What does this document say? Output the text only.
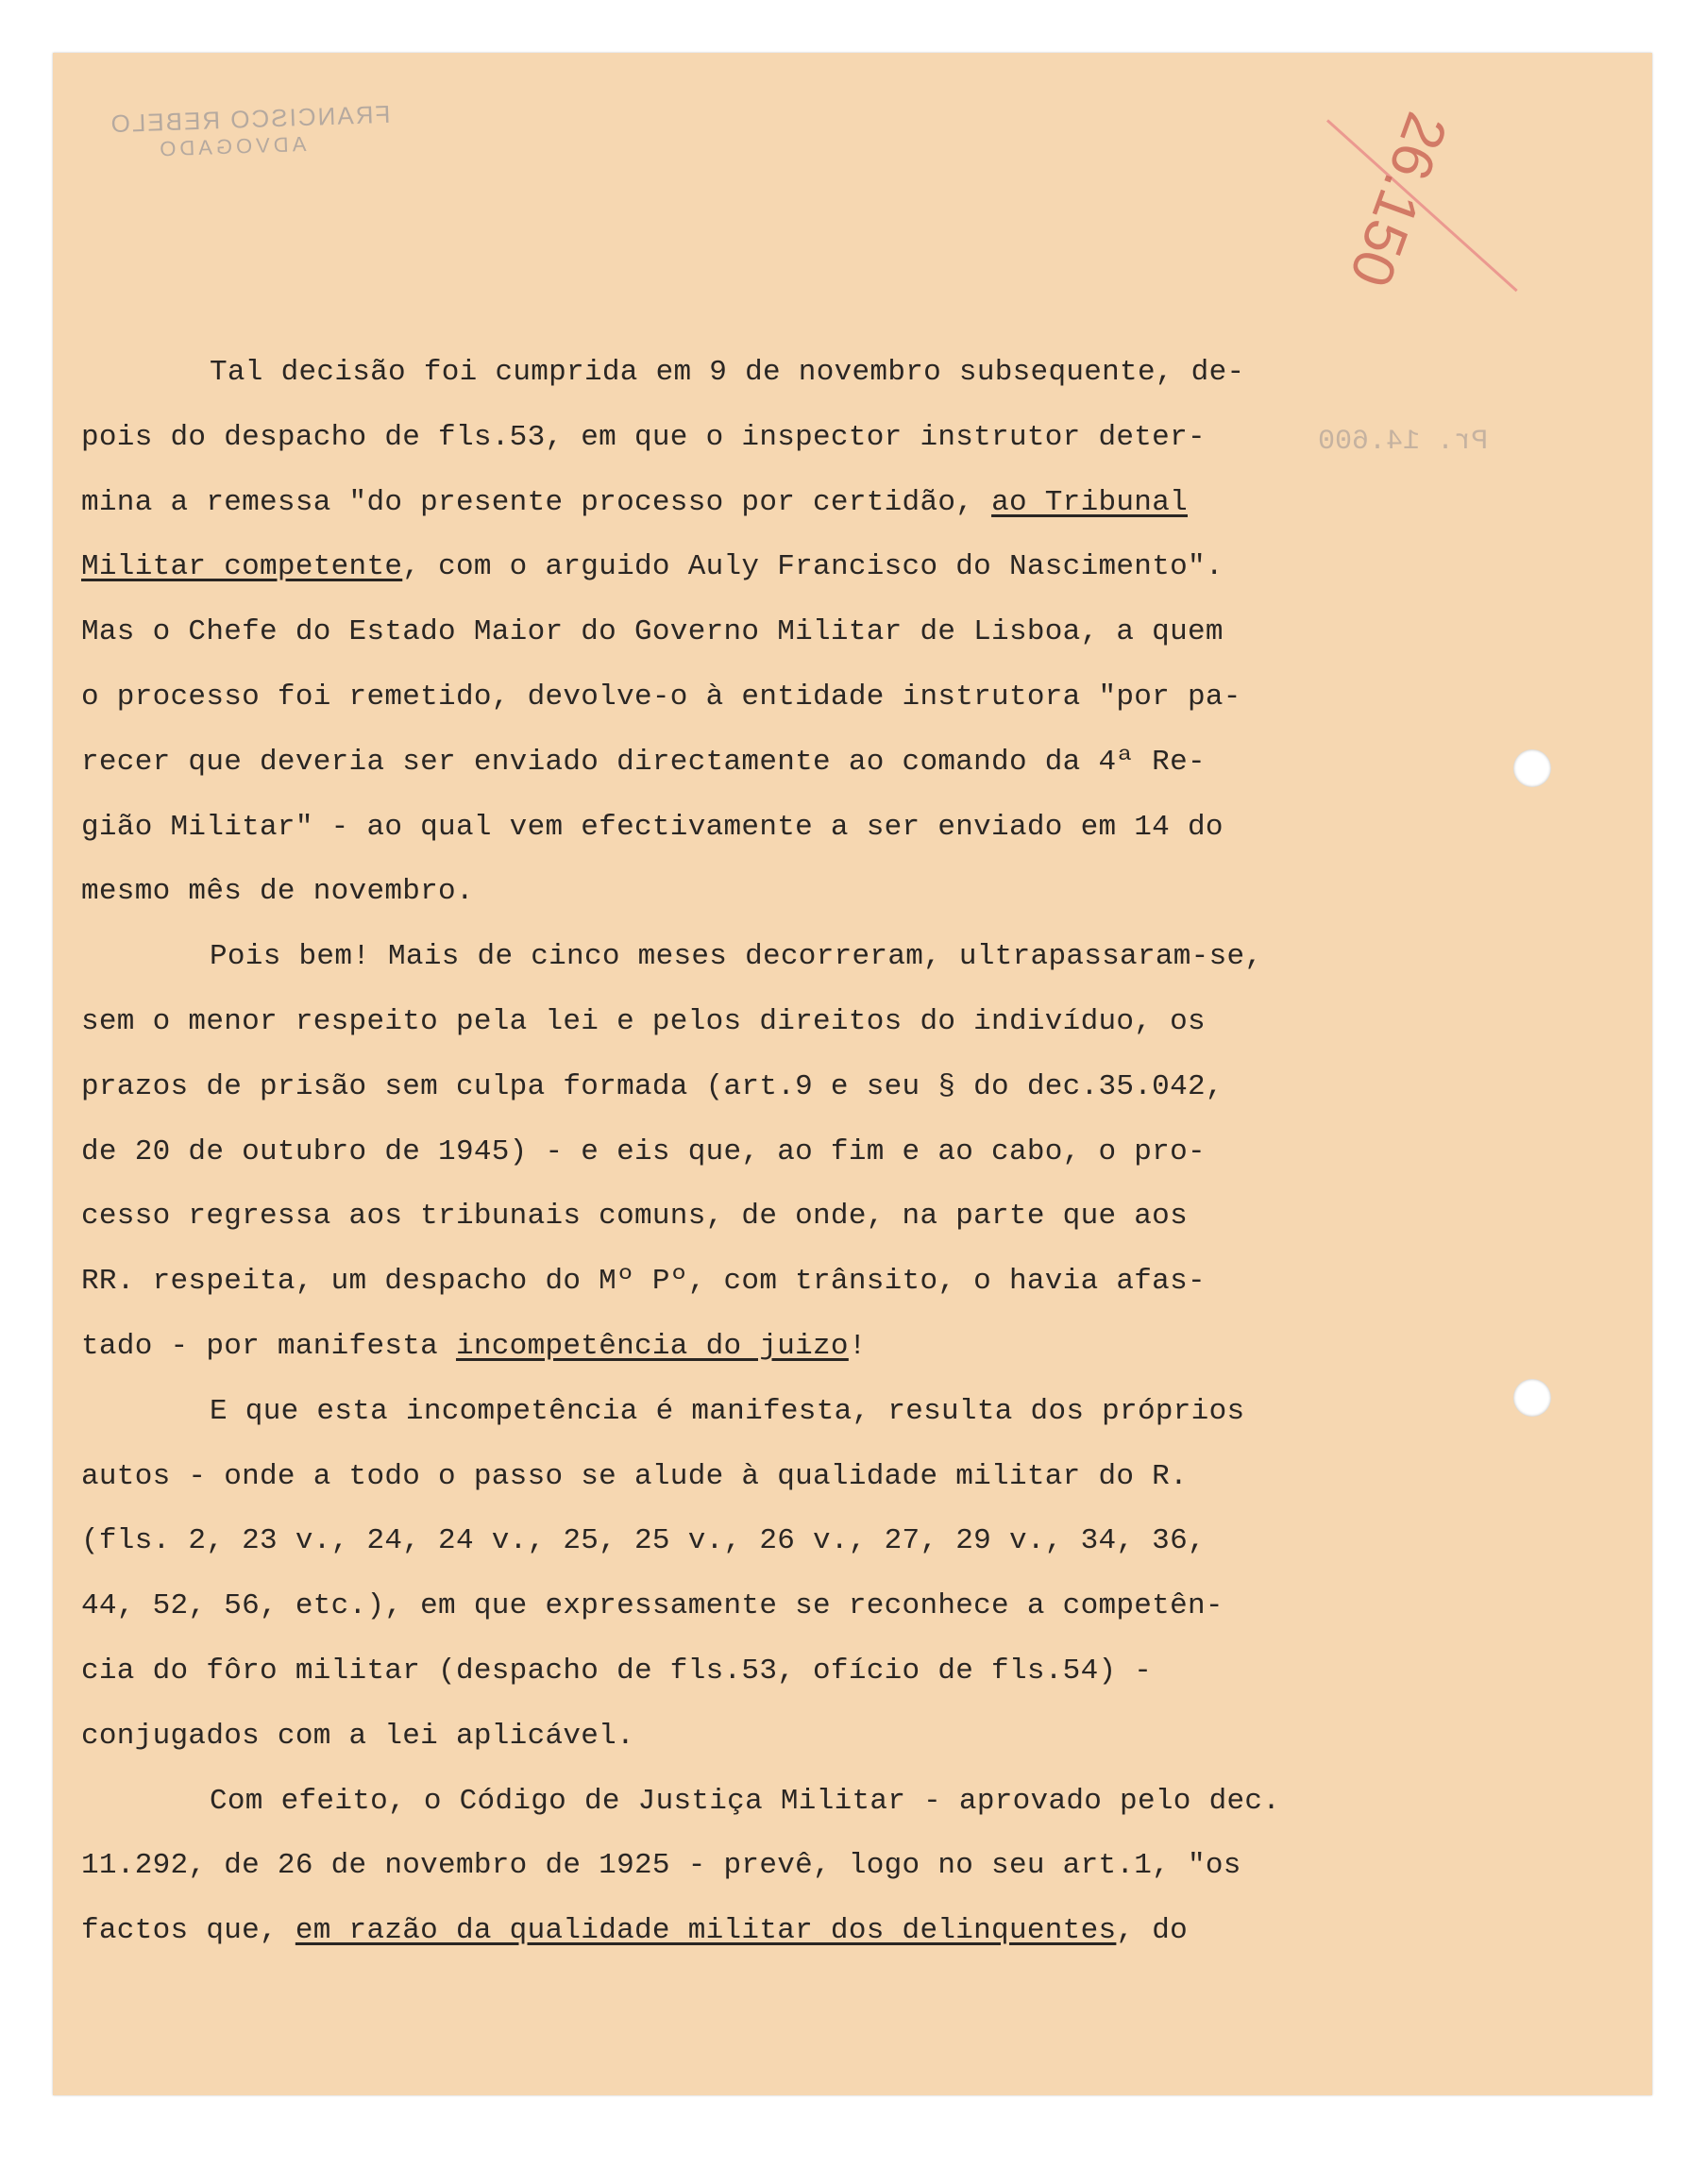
FRANCISCO REBELO
ADVOGADO	26.150
Pr. 14.600
Tal decisão foi cumprida em 9 de novembro subsequente, de-
pois do despacho de fls.53, em que o inspector instrutor deter-
mina a remessa "do presente processo por certidão, ao Tribunal
Militar competente, com o arguido Auly Francisco do Nascimento".
Mas o Chefe do Estado Maior do Governo Militar de Lisboa, a quem
o processo foi remetido, devolve-o à entidade instrutora "por pa-
recer que deveria ser enviado directamente ao comando da 4ª Re-
gião Militar" - ao qual vem efectivamente a ser enviado em 14 do
mesmo mês de novembro.
Pois bem! Mais de cinco meses decorreram, ultrapassaram-se,
sem o menor respeito pela lei e pelos direitos do indivíduo, os
prazos de prisão sem culpa formada (art.9 e seu § do dec.35.042,
de 20 de outubro de 1945) - e eis que, ao fim e ao cabo, o pro-
cesso regressa aos tribunais comuns, de onde, na parte que aos
RR. respeita, um despacho do Mº Pº, com trânsito, o havia afas-
tado - por manifesta incompetência do juizo!
E que esta incompetência é manifesta, resulta dos próprios
autos - onde a todo o passo se alude à qualidade militar do R.
(fls. 2, 23 v., 24, 24 v., 25, 25 v., 26 v., 27, 29 v., 34, 36,
44, 52, 56, etc.), em que expressamente se reconhece a competên-
cia do fôro militar (despacho de fls.53, ofício de fls.54) -
conjugados com a lei aplicável.
Com efeito, o Código de Justiça Militar - aprovado pelo dec.
11.292, de 26 de novembro de 1925 - prevê, logo no seu art.1, "os
factos que, em razão da qualidade militar dos delinquentes, do
